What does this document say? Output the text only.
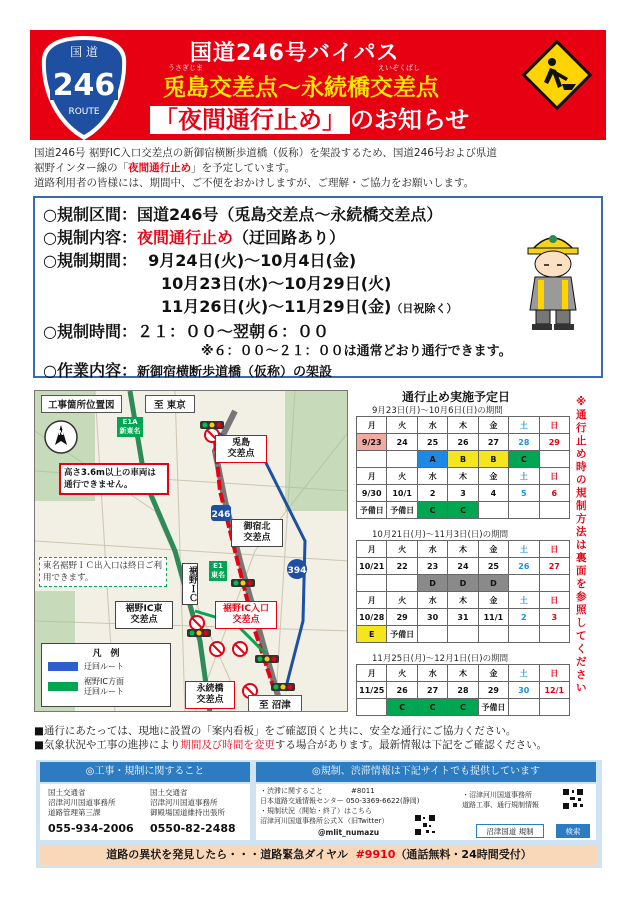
国 道
246
ROUTE
国道246号バイパス
うさぎじま	えいぞくばし
兎島交差点～永続橋交差点
「夜間通行止め」 のお知らせ
国道246号 裾野IC入口交差点の新御宿横断歩道橋（仮称）を架設するため、国道246号および県道
裾野インター線の「夜間通行止め」を予定しています。
道路利用者の皆様には、期間中、ご不便をおかけしますが、ご理解・ご協力をお願いします。
○規制区間：国道246号（兎島交差点～永続橋交差点）
○規制内容：夜間通行止め（迂回路あり）
○規制期間： 9月24日(火)～10月4日(金)
10月23日(水)～10月29日(火)
11月26日(火)～11月29日(金)（日祝除く）
○規制時間：２１：００～翌朝６：００
※６：００～２１：００は通常どおり通行できます。
○作業内容：新御宿横断歩道橋（仮称）の架設
394
246
工事箇所位置図	至 東京
至 沼津
N
E1A
新東名
高さ3.6m以上の車両は通行できません。
兎島
交差点
御宿北
交差点
東名裾野ＩＣ出入口は終日ご利用できます。	裾野ＩＣ	E1
東名
裾野IC東
交差点
裾野IC入口
交差点
永続橋
交差点
凡　例
迂回ルート
裾野IC方面
迂回ルート
通行止め実施予定日
9月23日(月)～10月6日(日)の期間
10月21日(月)～11月3日(日)の期間
11月25日(月)～12月1日(日)の期間
月	火	水	木	金	土	日
9/23	24	25	26	27	28	29
		A	B	B	C	
月	火	水	木	金	土	日
9/30	10/1	2	3	4	5	6
予備日	予備日	C	C			
月	火	水	木	金	土	日
10/21	22	23	24	25	26	27
		D	D	D		
月	火	水	木	金	土	日
10/28	29	30	31	11/1	2	3
E	予備日					
月	火	水	木	金	土	日
11/25	26	27	28	29	30	12/1
	C	C	C	予備日		
※通行止め時の規制方法は裏面を参照してください
■通行にあたっては、現地に設置の「案内看板」をご確認頂くと共に、安全な通行にご協力ください。
■気象状況や工事の進捗により期間及び時間を変更する場合があります。最新情報は下記をご確認ください。
◎工事・規制に関すること	◎規制、渋滞情報は下記サイトでも提供しています
国土交通省
沼津河川国道事務所
道路管理第三課
055-934-2006
国土交通省
沼津河川国道事務所
御殿場国道維持出張所
0550-82-2488
・渋滞に関すること　　　　#8011
日本道路交通情報センター 050-3369-6622(静岡)
・規制状況（開始・終了）はこちら
沼津河川国道事務所公式Ｘ（旧Twitter）
@mlit_numazu
・沼津河川国道事務所
道路工事、通行規制情報
沼津国道 規制	検索
道路の異状を発見したら・・・道路緊急ダイヤル #9910（通話無料・24時間受付）
